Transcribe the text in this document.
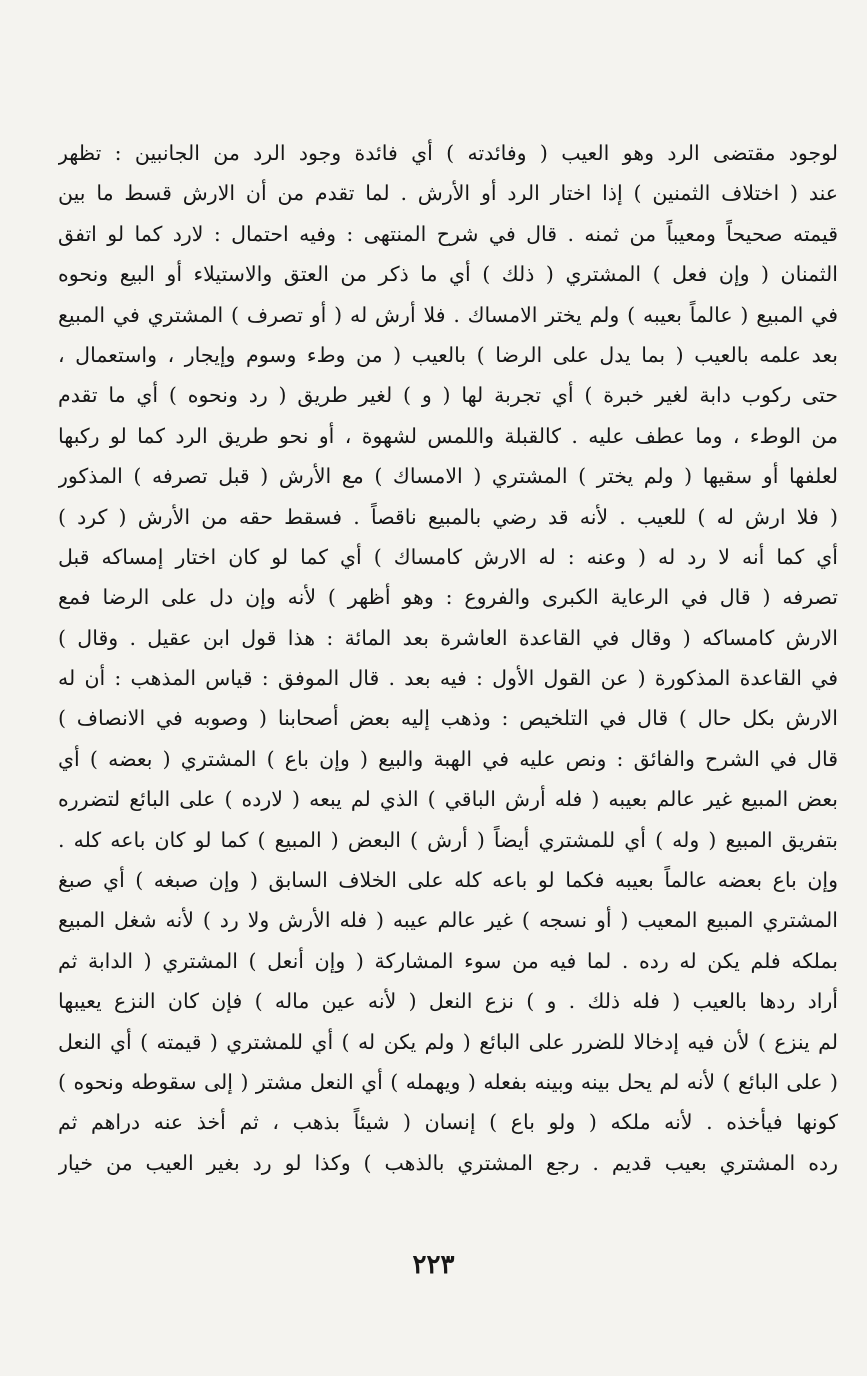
لوجود مقتضى الرد وهو العيب ( وفائدته ) أي فائدة وجود الرد من الجانبين : تظهر
عند ( اختلاف الثمنين ) إذا اختار الرد أو الأرش . لما تقدم من أن الارش قسط ما بين
قيمته صحيحاً ومعيباً من ثمنه . قال في شرح المنتهى : وفيه احتمال : لارد كما لو اتفق
الثمنان ( وإن فعل ) المشتري ( ذلك ) أي ما ذكر من العتق والاستيلاء أو البيع ونحوه
في المبيع ( عالماً بعيبه ) ولم يختر الامساك . فلا أرش له ( أو تصرف ) المشتري في المبيع
بعد علمه بالعيب ( بما يدل على الرضا ) بالعيب ( من وطء وسوم وإيجار ، واستعمال ،
حتى ركوب دابة لغير خبرة ) أي تجربة لها ( و ) لغير طريق ( رد ونحوه ) أي ما تقدم
من الوطء ، وما عطف عليه . كالقبلة واللمس لشهوة ، أو نحو طريق الرد كما لو ركبها
لعلفها أو سقيها ( ولم يختر ) المشتري ( الامساك ) مع الأرش ( قبل تصرفه ) المذكور
( فلا ارش له ) للعيب . لأنه قد رضي بالمبيع ناقصاً . فسقط حقه من الأرش ( كرد )
أي كما أنه لا رد له ( وعنه : له الارش كامساك ) أي كما لو كان اختار إمساكه قبل
تصرفه ( قال في الرعاية الكبرى والفروع : وهو أظهر ) لأنه وإن دل على الرضا فمع
الارش كامساكه ( وقال في القاعدة العاشرة بعد المائة : هذا قول ابن عقيل . وقال )
في القاعدة المذكورة ( عن القول الأول : فيه بعد . قال الموفق : قياس المذهب : أن له
الارش بكل حال ) قال في التلخيص : وذهب إليه بعض أصحابنا ( وصوبه في الانصاف )
قال في الشرح والفائق : ونص عليه في الهبة والبيع ( وإن باع ) المشتري ( بعضه ) أي
بعض المبيع غير عالم بعيبه ( فله أرش الباقي ) الذي لم يبعه ( لارده ) على البائع لتضرره
بتفريق المبيع ( وله ) أي للمشتري أيضاً ( أرش ) البعض ( المبيع ) كما لو كان باعه كله .
وإن باع بعضه عالماً بعيبه فكما لو باعه كله على الخلاف السابق ( وإن صبغه ) أي صبغ
المشتري المبيع المعيب ( أو نسجه ) غير عالم عيبه ( فله الأرش ولا رد ) لأنه شغل المبيع
بملكه فلم يكن له رده . لما فيه من سوء المشاركة ( وإن أنعل ) المشتري ( الدابة ثم
أراد ردها بالعيب ( فله ذلك . و ) نزع النعل ( لأنه عين ماله ) فإن كان النزع يعيبها
لم ينزع ) لأن فيه إدخالا للضرر على البائع ( ولم يكن له ) أي للمشتري ( قيمته ) أي النعل
( على البائع ) لأنه لم يحل بينه وبينه بفعله ( ويهمله ) أي النعل مشتر ( إلى سقوطه ونحوه )
كونها فيأخذه . لأنه ملكه ( ولو باع ) إنسان ( شيئاً بذهب ، ثم أخذ عنه دراهم ثم
رده المشتري بعيب قديم . رجع المشتري بالذهب ) وكذا لو رد بغير العيب من خيار
٢٢٣
